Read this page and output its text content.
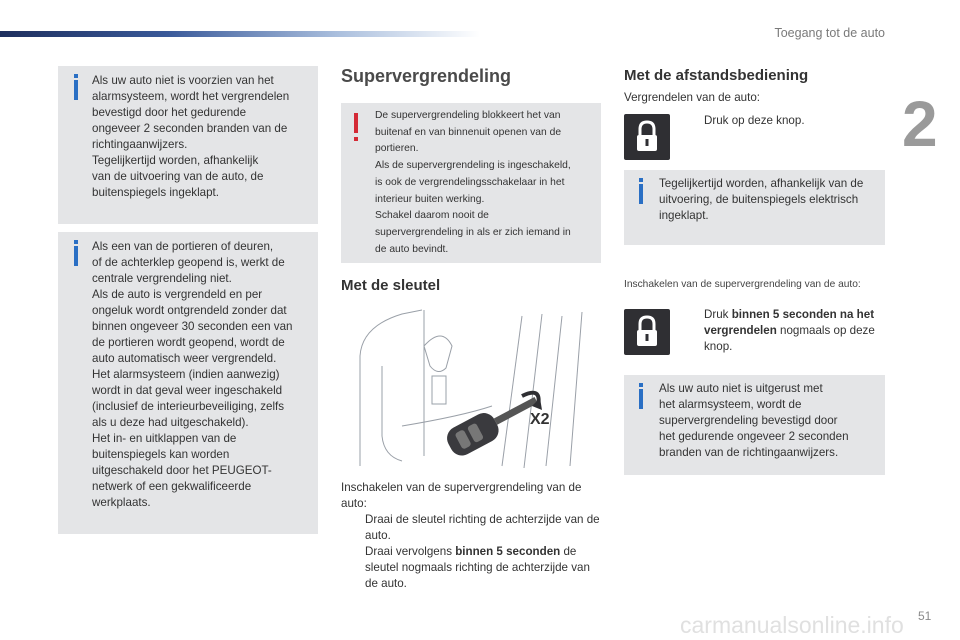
Toegang tot de auto
2
carmanualsonline.info 51

Als uw auto niet is voorzien van het
alarmsysteem, wordt het vergrendelen
bevestigd door het gedurende
ongeveer 2 seconden branden van de
richtingaanwijzers.
Tegelijkertijd worden, afhankelijk
van de uitvoering van de auto, de
buitenspiegels ingeklapt.

Als een van de portieren of deuren,
of de achterklep geopend is, werkt de
centrale vergrendeling niet.
Als de auto is vergrendeld en per
ongeluk wordt ontgrendeld zonder dat
binnen ongeveer 30 seconden een van
de portieren wordt geopend, wordt de
auto automatisch weer vergrendeld.
Het alarmsysteem (indien aanwezig)
wordt in dat geval weer ingeschakeld
(inclusief de interieurbeveiliging, zelfs
als u deze had uitgeschakeld).
Het in- en uitklappen van de
buitenspiegels kan worden
uitgeschakeld door het PEUGEOT-
netwerk of een gekwalificeerde
werkplaats.

Supervergrendeling

De supervergrendeling blokkeert het van
buitenaf en van binnenuit openen van de
portieren.
Als de supervergrendeling is ingeschakeld,
is ook de vergrendelingsschakelaar in het
interieur buiten werking.
Schakel daarom nooit de
supervergrendeling in als er zich iemand in
de auto bevindt.

Met de sleutel
X2
Inschakelen van de supervergrendeling van de auto:
Draai de sleutel richting de achterzijde van de auto.
Draai vervolgens binnen 5 seconden de sleutel nogmaals richting de achterzijde van de auto.
Met de afstandsbediening
Vergrendelen van de auto:
Druk op deze knop.

Tegelijkertijd worden, afhankelijk van de
uitvoering, de buitenspiegels elektrisch
ingeklapt.

Inschakelen van de supervergrendeling van de auto:
Druk binnen 5 seconden na het vergrendelen nogmaals op deze knop.

Als uw auto niet is uitgerust met
het alarmsysteem, wordt de
supervergrendeling bevestigd door
het gedurende ongeveer 2 seconden
branden van de richtingaanwijzers.
